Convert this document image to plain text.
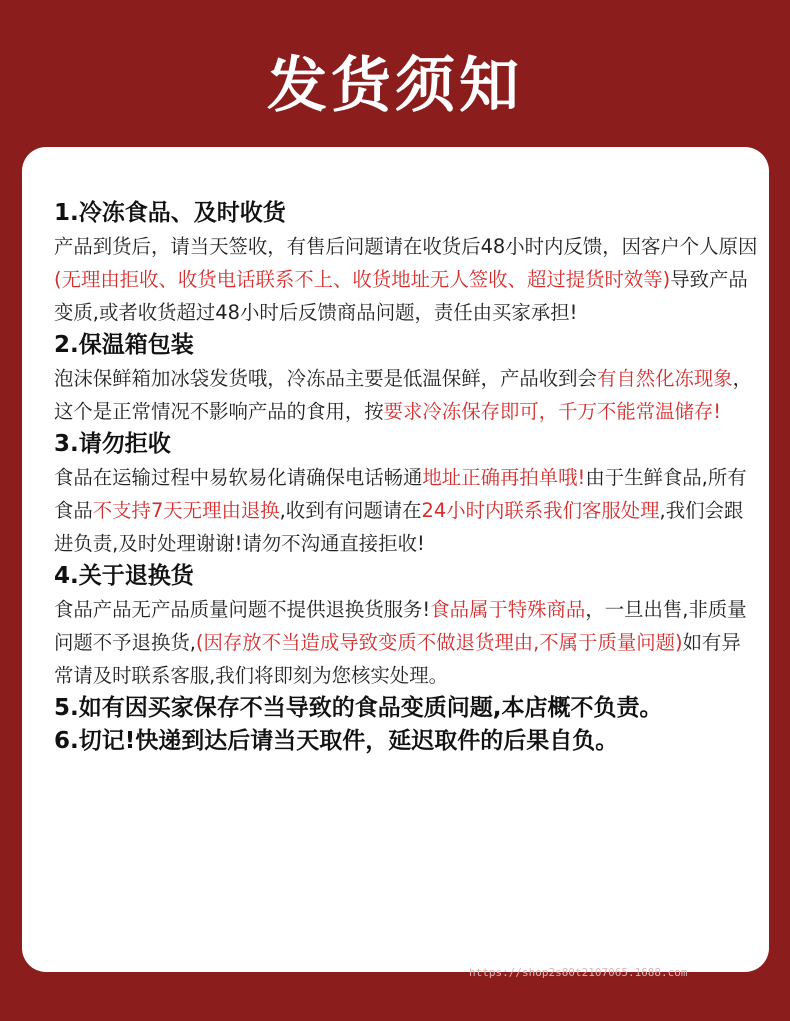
发货须知

1.冷冻食品、及时收货

产品到货后，请当天签收，有售后问题请在收货后48小时内反馈，因客户个人原因(无理由拒收、收货电话联系不上、收货地址无人签收、超过提货时效等)导致产品变质,或者收货超过48小时后反馈商品问题，责任由买家承担!

2.保温箱包装

泡沫保鲜箱加冰袋发货哦，冷冻品主要是低温保鲜，产品收到会有自然化冻现象，这个是正常情况不影响产品的食用，按要求冷冻保存即可，千万不能常温储存!

3.请勿拒收

食品在运输过程中易软易化请确保电话畅通地址正确再拍单哦!由于生鲜食品,所有食品不支持7天无理由退换,收到有问题请在24小时内联系我们客服处理,我们会跟进负责,及时处理谢谢!请勿不沟通直接拒收!

4.关于退换货

食品产品无产品质量问题不提供退换货服务!食品属于特殊商品，一旦出售,非质量问题不予退换货,(因存放不当造成导致变质不做退货理由,不属于质量问题)如有异常请及时联系客服,我们将即刻为您核实处理。

5.如有因买家保存不当导致的食品变质问题,本店概不负责。

6.切记!快递到达后请当天取件，延迟取件的后果自负。

https://shop2s80t2107065.1688.com
